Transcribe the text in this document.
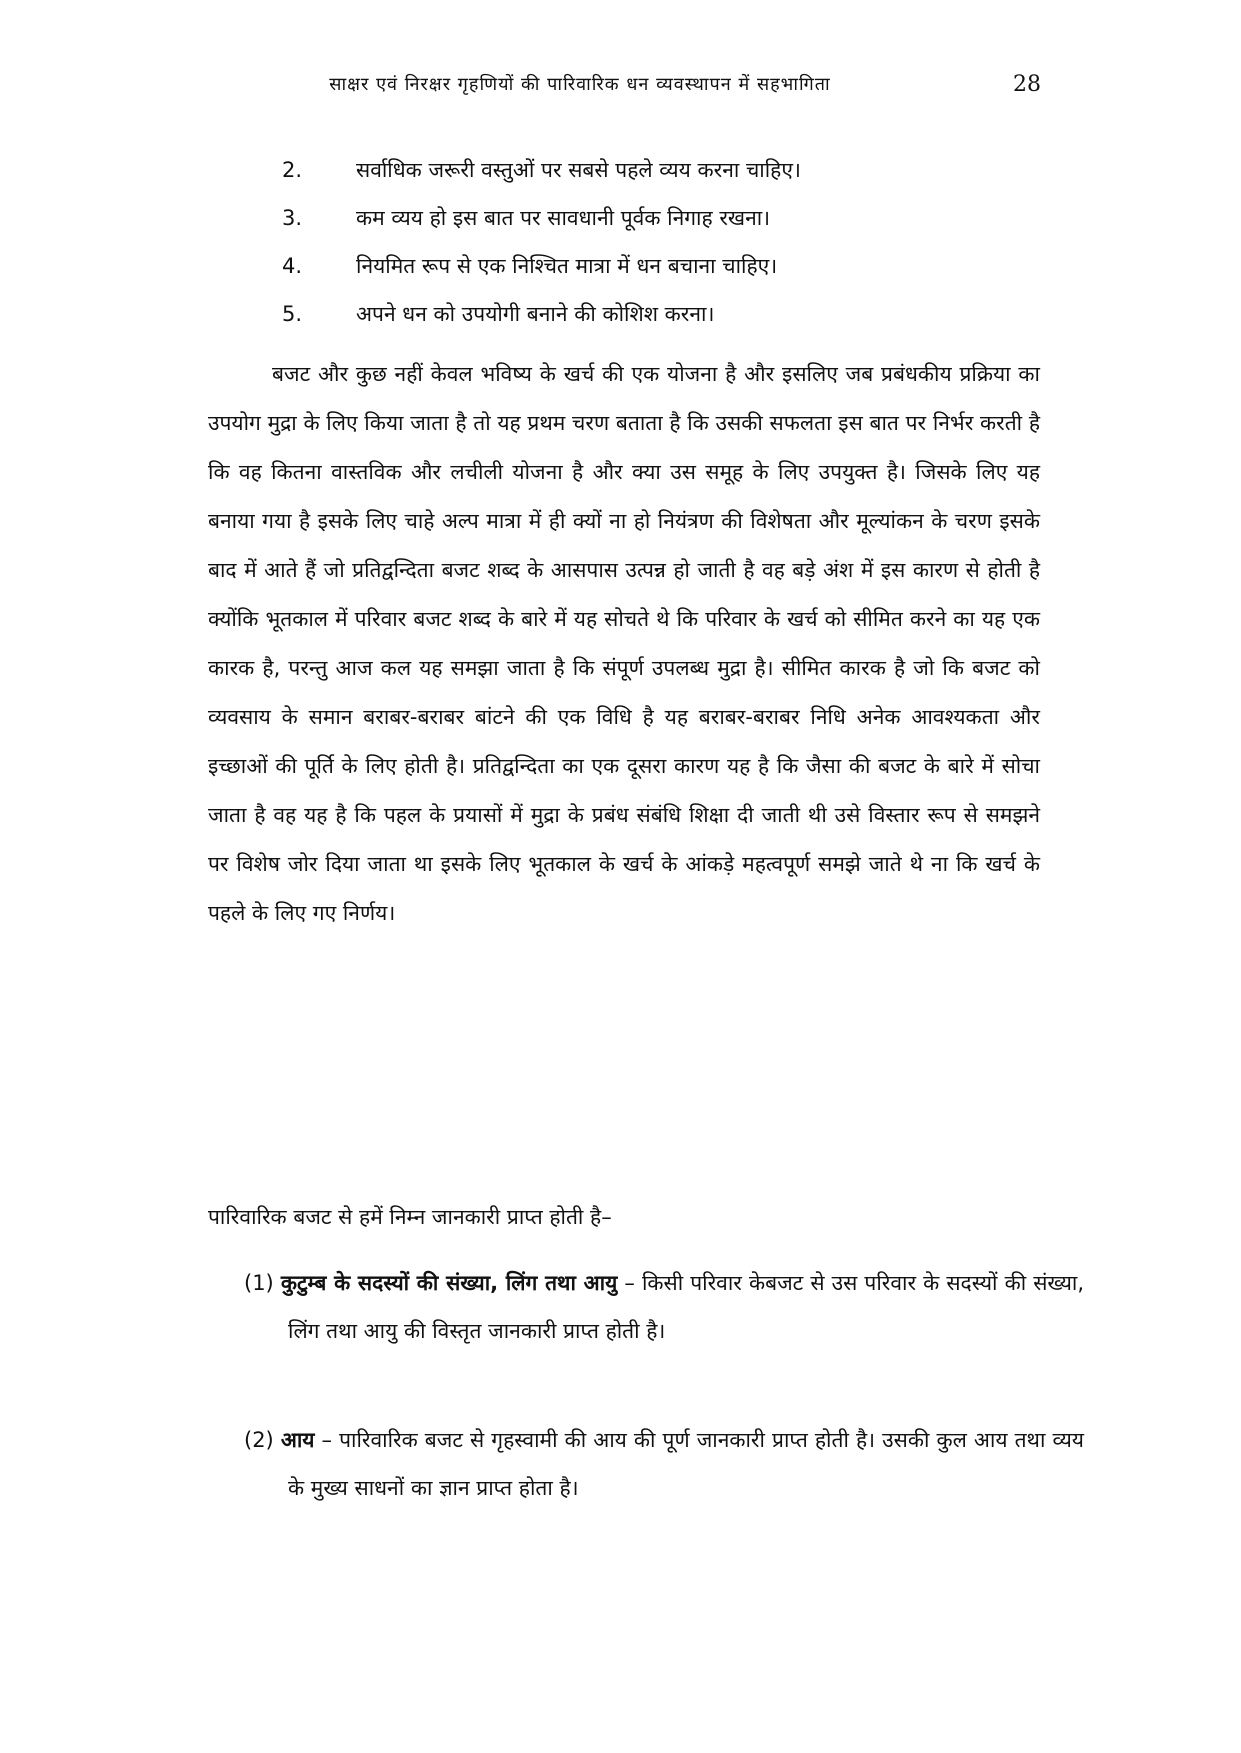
साक्षर एवं निरक्षर गृहणियों की पारिवारिक धन व्यवस्थापन में सहभागिता	28
2.	सर्वाधिक जरूरी वस्तुओं पर सबसे पहले व्यय करना चाहिए।
3.	कम व्यय हो इस बात पर सावधानी पूर्वक निगाह रखना।
4.	नियमित रूप से एक निश्चित मात्रा में धन बचाना चाहिए।
5.	अपने धन को उपयोगी बनाने की कोशिश करना।

बजट और कुछ नहीं केवल भविष्य के खर्च की एक योजना है और इसलिए जब प्रबंधकीय प्रक्रिया का उपयोग मुद्रा के लिए किया जाता है तो यह प्रथम चरण बताता है कि उसकी सफलता इस बात पर निर्भर करती है कि वह कितना वास्तविक और लचीली योजना है और क्या उस समूह के लिए उपयुक्त है। जिसके लिए यह बनाया गया है इसके लिए चाहे अल्प मात्रा में ही क्यों ना हो नियंत्रण की विशेषता और मूल्यांकन के चरण इसके बाद में आते हैं जो प्रतिद्वन्दिता बजट शब्द के आसपास उत्पन्न हो जाती है वह बड़े अंश में इस कारण से होती है क्योंकि भूतकाल में परिवार बजट शब्द के बारे में यह सोचते थे कि परिवार के खर्च को सीमित करने का यह एक कारक है, परन्तु आज कल यह समझा जाता है कि संपूर्ण उपलब्ध मुद्रा है। सीमित कारक है जो कि बजट को व्यवसाय के समान बराबर-बराबर बांटने की एक विधि है यह बराबर-बराबर निधि अनेक आवश्यकता और इच्छाओं की पूर्ति के लिए होती है। प्रतिद्वन्दिता का एक दूसरा कारण यह है कि जैसा की बजट के बारे में सोचा जाता है वह यह है कि पहल के प्रयासों में मुद्रा के प्रबंध संबंधि शिक्षा दी जाती थी उसे विस्तार रूप से समझने पर विशेष जोर दिया जाता था इसके लिए भूतकाल के खर्च के आंकड़े महत्वपूर्ण समझे जाते थे ना कि खर्च के पहले के लिए गए निर्णय।

पारिवारिक बजट से हमें निम्न जानकारी प्राप्त होती है–

(1) कुटुम्ब के सदस्यों की संख्या, लिंग तथा आयु – किसी परिवार केबजट से उस परिवार के सदस्यों की संख्या, लिंग तथा आयु की विस्तृत जानकारी प्राप्त होती है।

(2) आय – पारिवारिक बजट से गृहस्वामी की आय की पूर्ण जानकारी प्राप्त होती है। उसकी कुल आय तथा व्यय के मुख्य साधनों का ज्ञान प्राप्त होता है।
